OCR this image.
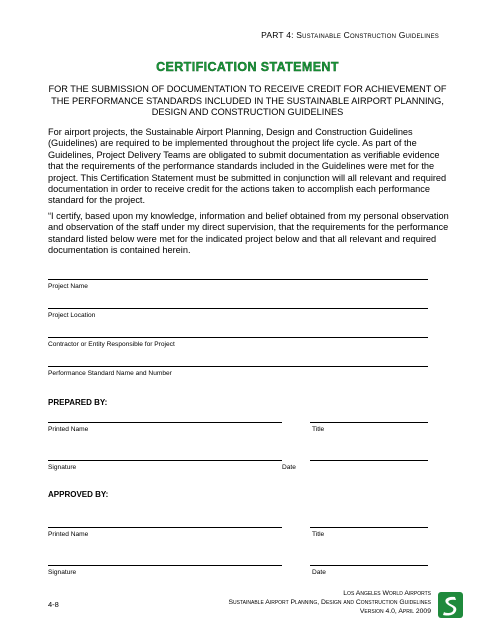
PART 4: Sustainable Construction Guidelines
CERTIFICATION STATEMENT
FOR THE SUBMISSION OF DOCUMENTATION TO RECEIVE CREDIT FOR ACHIEVEMENT OF THE PERFORMANCE STANDARDS INCLUDED IN THE SUSTAINABLE AIRPORT PLANNING, DESIGN AND CONSTRUCTION GUIDELINES
For airport projects, the Sustainable Airport Planning, Design and Construction Guidelines (Guidelines) are required to be implemented throughout the project life cycle. As part of the Guidelines, Project Delivery Teams are obligated to submit documentation as verifiable evidence that the requirements of the performance standards included in the Guidelines were met for the project. This Certification Statement must be submitted in conjunction will all relevant and required documentation in order to receive credit for the actions taken to accomplish each performance standard for the project.
“I certify, based upon my knowledge, information and belief obtained from my personal observation and observation of the staff under my direct supervision, that the requirements for the performance standard listed below were met for the indicated project below and that all relevant and required documentation is contained herein.
Project Name
Project Location
Contractor or Entity Responsible for Project
Performance Standard Name and Number
PREPARED BY:
Printed Name	Title
Signature	Date
APPROVED BY:
Printed Name	Title
Signature	Date
4-8
Los Angeles World Airports
Sustainable Airport Planning, Design and Construction Guidelines
Version 4.0, April 2009
